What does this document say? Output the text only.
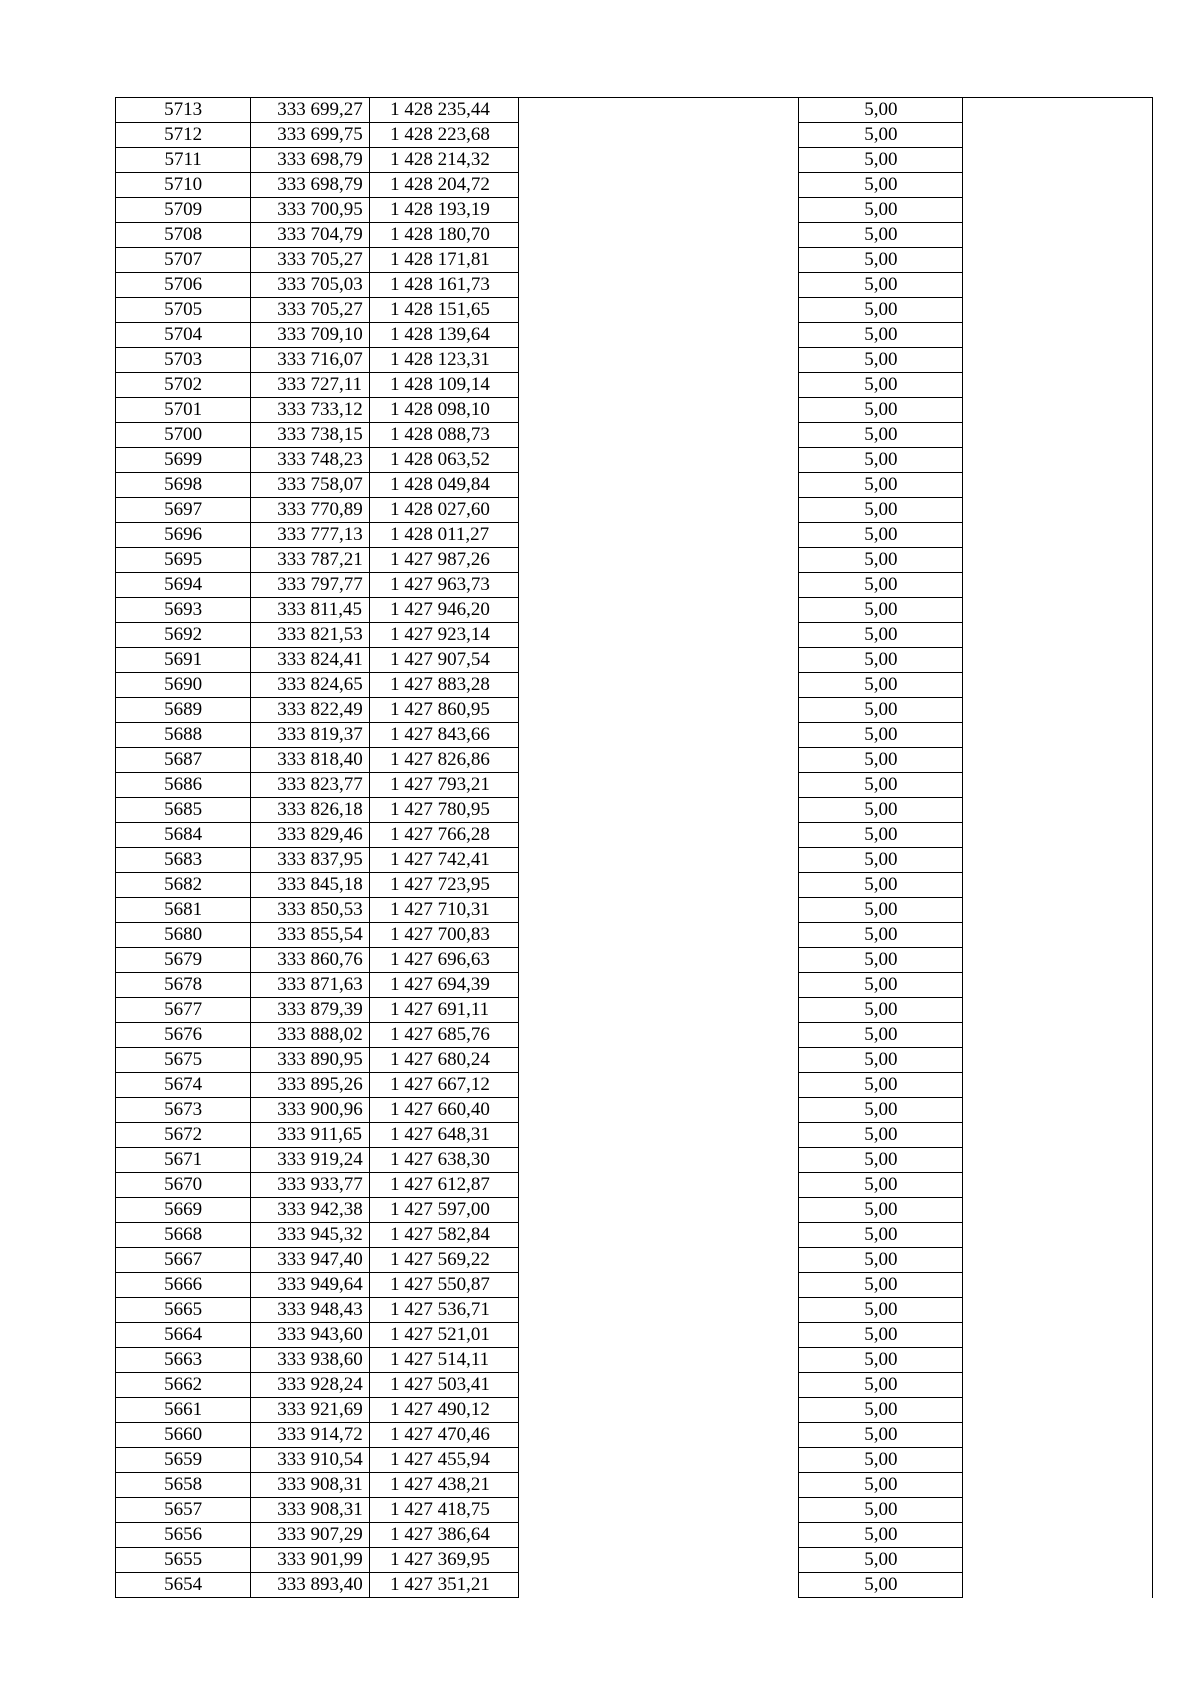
5713	333 699,27	1 428 235,44		5,00	
5712	333 699,75	1 428 223,68		5,00	
5711	333 698,79	1 428 214,32		5,00	
5710	333 698,79	1 428 204,72		5,00	
5709	333 700,95	1 428 193,19		5,00	
5708	333 704,79	1 428 180,70		5,00	
5707	333 705,27	1 428 171,81		5,00	
5706	333 705,03	1 428 161,73		5,00	
5705	333 705,27	1 428 151,65		5,00	
5704	333 709,10	1 428 139,64		5,00	
5703	333 716,07	1 428 123,31		5,00	
5702	333 727,11	1 428 109,14		5,00	
5701	333 733,12	1 428 098,10		5,00	
5700	333 738,15	1 428 088,73		5,00	
5699	333 748,23	1 428 063,52		5,00	
5698	333 758,07	1 428 049,84		5,00	
5697	333 770,89	1 428 027,60		5,00	
5696	333 777,13	1 428 011,27		5,00	
5695	333 787,21	1 427 987,26		5,00	
5694	333 797,77	1 427 963,73		5,00	
5693	333 811,45	1 427 946,20		5,00	
5692	333 821,53	1 427 923,14		5,00	
5691	333 824,41	1 427 907,54		5,00	
5690	333 824,65	1 427 883,28		5,00	
5689	333 822,49	1 427 860,95		5,00	
5688	333 819,37	1 427 843,66		5,00	
5687	333 818,40	1 427 826,86		5,00	
5686	333 823,77	1 427 793,21		5,00	
5685	333 826,18	1 427 780,95		5,00	
5684	333 829,46	1 427 766,28		5,00	
5683	333 837,95	1 427 742,41		5,00	
5682	333 845,18	1 427 723,95		5,00	
5681	333 850,53	1 427 710,31		5,00	
5680	333 855,54	1 427 700,83		5,00	
5679	333 860,76	1 427 696,63		5,00	
5678	333 871,63	1 427 694,39		5,00	
5677	333 879,39	1 427 691,11		5,00	
5676	333 888,02	1 427 685,76		5,00	
5675	333 890,95	1 427 680,24		5,00	
5674	333 895,26	1 427 667,12		5,00	
5673	333 900,96	1 427 660,40		5,00	
5672	333 911,65	1 427 648,31		5,00	
5671	333 919,24	1 427 638,30		5,00	
5670	333 933,77	1 427 612,87		5,00	
5669	333 942,38	1 427 597,00		5,00	
5668	333 945,32	1 427 582,84		5,00	
5667	333 947,40	1 427 569,22		5,00	
5666	333 949,64	1 427 550,87		5,00	
5665	333 948,43	1 427 536,71		5,00	
5664	333 943,60	1 427 521,01		5,00	
5663	333 938,60	1 427 514,11		5,00	
5662	333 928,24	1 427 503,41		5,00	
5661	333 921,69	1 427 490,12		5,00	
5660	333 914,72	1 427 470,46		5,00	
5659	333 910,54	1 427 455,94		5,00	
5658	333 908,31	1 427 438,21		5,00	
5657	333 908,31	1 427 418,75		5,00	
5656	333 907,29	1 427 386,64		5,00	
5655	333 901,99	1 427 369,95		5,00	
5654	333 893,40	1 427 351,21		5,00	
